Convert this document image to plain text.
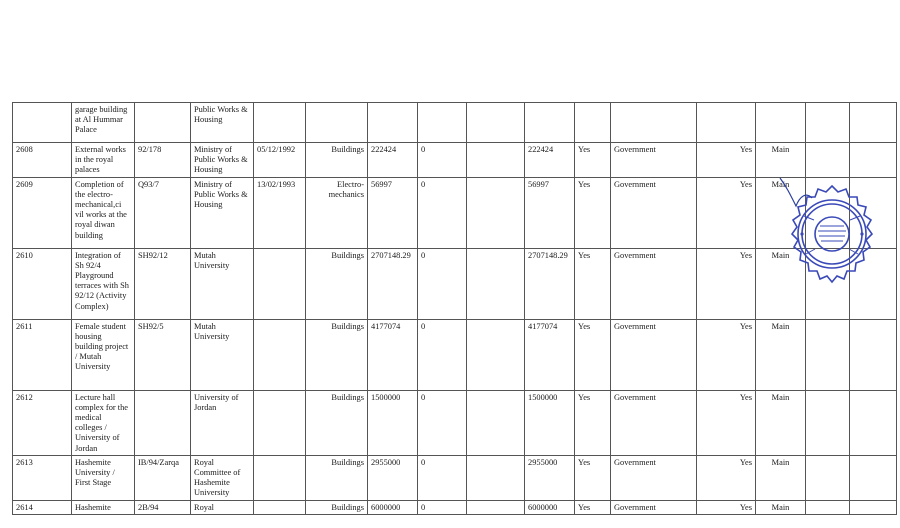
	garage building at Al Hummar Palace		Public Works & Housing												
2608	External works in the royal palaces	92/178	Ministry of Public Works & Housing	05/12/1992	Buildings	222424	0		222424	Yes	Government	Yes	Main		
2609	Completion of the electro-mechanical,ci vil works at the royal diwan building	Q93/7	Ministry of Public Works & Housing	13/02/1993	Electro-mechanics	56997	0		56997	Yes	Government	Yes	Main		
2610	Integration of Sh 92/4 Playground terraces with Sh 92/12 (Activity Complex)	SH92/12	Mutah University		Buildings	2707148.29	0		2707148.29	Yes	Government	Yes	Main		
2611	Female student housing building project / Mutah University	SH92/5	Mutah University		Buildings	4177074	0		4177074	Yes	Government	Yes	Main		
2612	Lecture hall complex for the medical colleges / University of Jordan		University of Jordan		Buildings	1500000	0		1500000	Yes	Government	Yes	Main		
2613	Hashemite University / First Stage	IB/94/Zarqa	Royal Committee of Hashemite University		Buildings	2955000	0		2955000	Yes	Government	Yes	Main		
2614	Hashemite	2B/94	Royal		Buildings	6000000	0		6000000	Yes	Government	Yes	Main		
